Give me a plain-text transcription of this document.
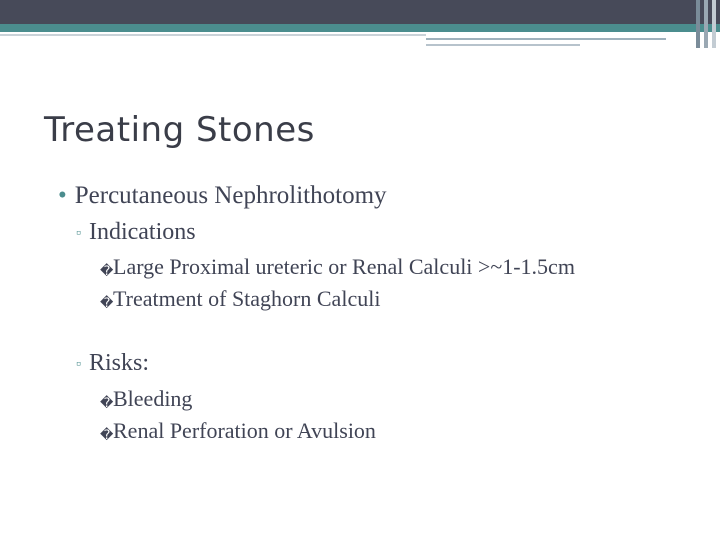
Treating Stones
• Percutaneous Nephrolithotomy
▫ Indications
�Large Proximal ureteric or Renal Calculi >~1-1.5cm
�Treatment of Staghorn Calculi
▫ Risks:
�Bleeding
�Renal Perforation or Avulsion
